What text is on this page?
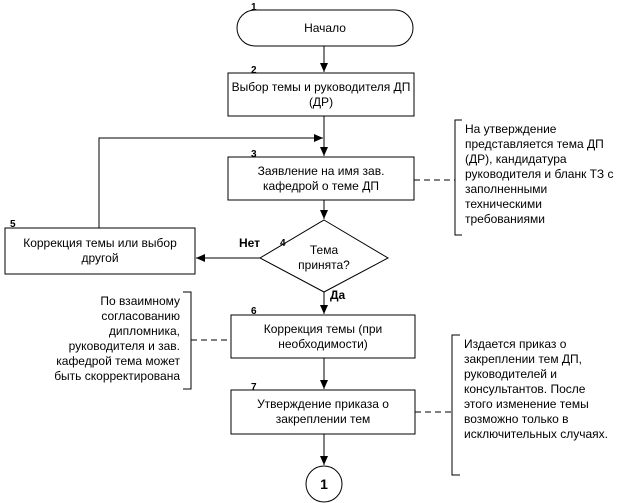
1
2
3
4
5
6
7
Начало
Выбор темы и руководителя ДП (ДР)
Заявление на имя зав. кафедрой о теме ДП
Тема принята?
Коррекция темы или выбор другой
Коррекция темы (при необходимости)
Утверждение приказа о закреплении тем
1
Нет
Да
На утверждение представляется тема ДП (ДР), кандидатура руководителя и бланк ТЗ с заполненными техническими требованиями
По взаимному согласованию дипломника, руководителя и зав. кафедрой тема может быть скорректирована
Издается приказ о закреплении тем ДП, руководителей и консультантов. После этого изменение темы возможно только в исключительных случаях.
